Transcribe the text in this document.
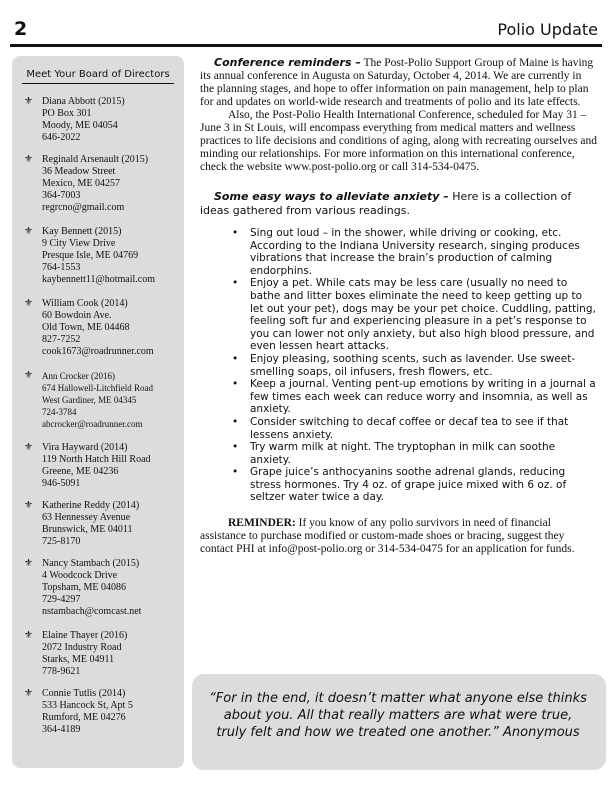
2	Polio Update
Meet Your Board of Directors
⚜ Diana Abbott (2015)
PO Box 301
Moody, ME 04054
646-2022
⚜ Reginald Arsenault (2015)
36 Meadow Street
Mexico, ME 04257
364-7003
regrcno@gmail.com
⚜ Kay Bennett (2015)
9 City View Drive
Presque Isle, ME 04769
764-1553
kaybennett11@hotmail.com
⚜ William Cook (2014)
60 Bowdoin Ave.
Old Town, ME 04468
827-7252
cook1673@roadrunner.com
⚜ Ann Crocker (2016)
674 Hallowell-Litchfield Road
West Gardiner, ME 04345
724-3784
abcrocker@roadrunner.com
⚜ Vira Hayward (2014)
119 North Hatch Hill Road
Greene, ME 04236
946-5091
⚜ Katherine Reddy (2014)
63 Hennessey Avenue
Brunswick, ME 04011
725-8170
⚜ Nancy Stambach (2015)
4 Woodcock Drive
Topsham, ME 04086
729-4297
nstambach@comcast.net
⚜ Elaine Thayer (2016)
2072 Industry Road
Starks, ME 04911
778-9621
⚜ Connie Tutlis (2014)
533 Hancock St, Apt 5
Rumford, ME 04276
364-4189

Conference reminders – The Post-Polio Support Group of Maine is having its annual conference in Augusta on Saturday, October 4, 2014. We are currently in the planning stages, and hope to offer information on pain management, help to plan for and updates on world-wide research and treatments of polio and its late effects.

Also, the Post-Polio Health International Conference, scheduled for May 31 – June 3 in St Louis, will encompass everything from medical matters and wellness practices to life decisions and conditions of aging, along with recreating ourselves and minding our relationships. For more information on this international conference, check the website www.post-polio.org or call 314-534-0475.

Some easy ways to alleviate anxiety – Here is a collection of ideas gathered from various readings.

• Sing out loud – in the shower, while driving or cooking, etc. According to the Indiana University research, singing produces vibrations that increase the brain’s production of calming endorphins.
• Enjoy a pet. While cats may be less care (usually no need to bathe and litter boxes eliminate the need to keep getting up to let out your pet), dogs may be your pet choice. Cuddling, patting, feeling soft fur and experiencing pleasure in a pet’s response to you can lower not only anxiety, but also high blood pressure, and even lessen heart attacks.
• Enjoy pleasing, soothing scents, such as lavender. Use sweet-smelling soaps, oil infusers, fresh flowers, etc.
• Keep a journal. Venting pent-up emotions by writing in a journal a few times each week can reduce worry and insomnia, as well as anxiety.
• Consider switching to decaf coffee or decaf tea to see if that lessens anxiety.
• Try warm milk at night. The tryptophan in milk can soothe anxiety.
• Grape juice’s anthocyanins soothe adrenal glands, reducing stress hormones. Try 4 oz. of grape juice mixed with 6 oz. of seltzer water twice a day.

REMINDER: If you know of any polio survivors in need of financial assistance to purchase modified or custom-made shoes or bracing, suggest they contact PHI at info@post-polio.org or 314-534-0475 for an application for funds.

“For in the end, it doesn’t matter what anyone else thinks about you. All that really matters are what were true, truly felt and how we treated one another.” Anonymous
